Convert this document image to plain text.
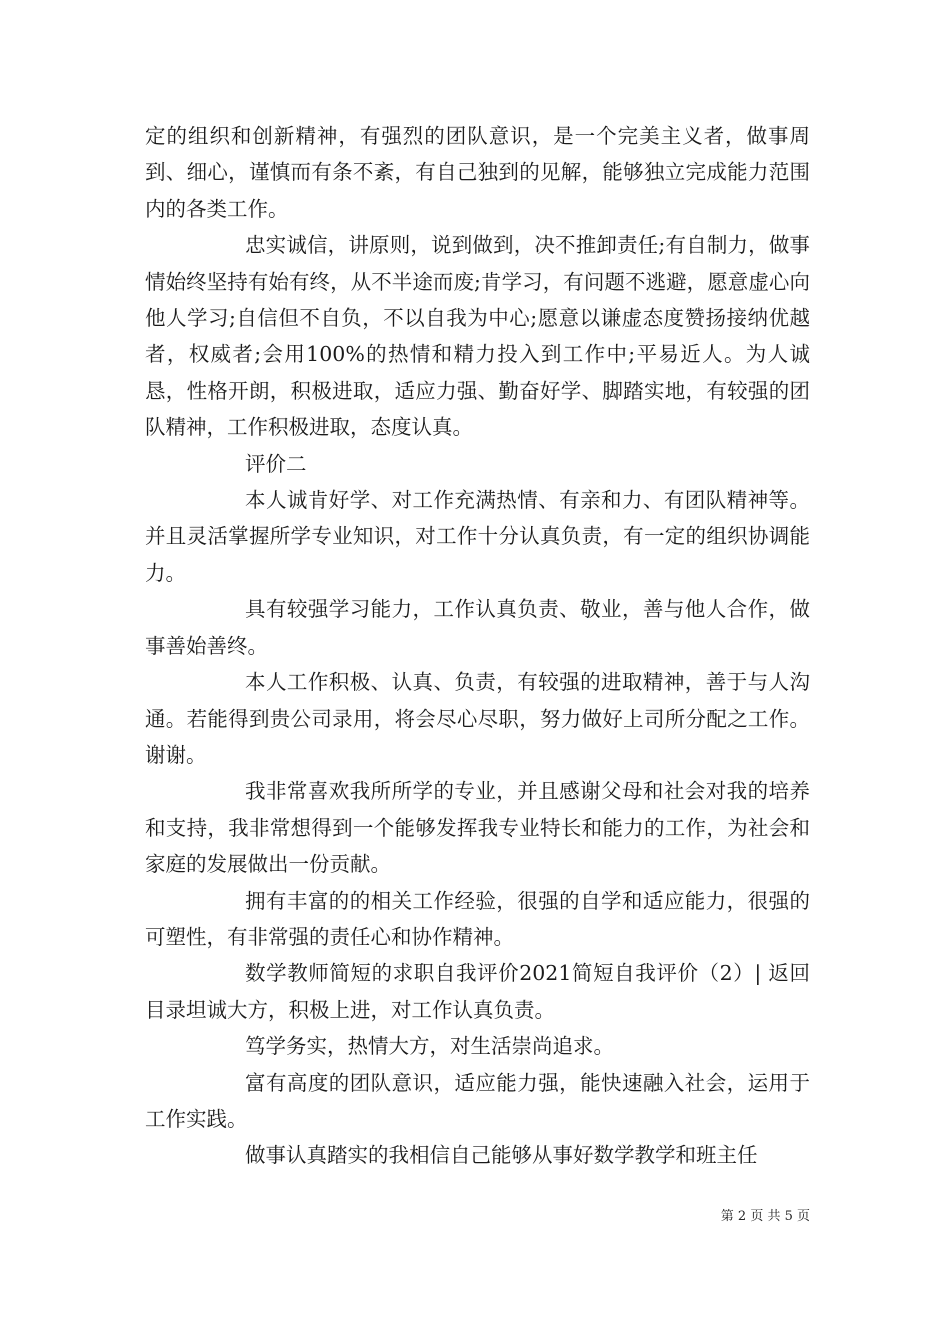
定的组织和创新精神，有强烈的团队意识，是一个完美主义者，做事周到、细心，谨慎而有条不紊，有自己独到的见解，能够独立完成能力范围内的各类工作。

忠实诚信，讲原则，说到做到，决不推卸责任;有自制力，做事情始终坚持有始有终，从不半途而废;肯学习，有问题不逃避，愿意虚心向他人学习;自信但不自负，不以自我为中心;愿意以谦虚态度赞扬接纳优越者，权威者;会用100%的热情和精力投入到工作中;平易近人。为人诚恳，性格开朗，积极进取，适应力强、勤奋好学、脚踏实地，有较强的团队精神，工作积极进取，态度认真。

评价二

本人诚肯好学、对工作充满热情、有亲和力、有团队精神等。并且灵活掌握所学专业知识，对工作十分认真负责，有一定的组织协调能力。

具有较强学习能力，工作认真负责、敬业，善与他人合作，做事善始善终。

本人工作积极、认真、负责，有较强的进取精神，善于与人沟通。若能得到贵公司录用，将会尽心尽职，努力做好上司所分配之工作。谢谢。

我非常喜欢我所所学的专业，并且感谢父母和社会对我的培养和支持，我非常想得到一个能够发挥我专业特长和能力的工作，为社会和家庭的发展做出一份贡献。

拥有丰富的的相关工作经验，很强的自学和适应能力，很强的可塑性，有非常强的责任心和协作精神。

数学教师简短的求职自我评价2021简短自我评价（2）| 返回目录坦诚大方，积极上进，对工作认真负责。

笃学务实，热情大方，对生活崇尚追求。

富有高度的团队意识，适应能力强，能快速融入社会，运用于工作实践。

做事认真踏实的我相信自己能够从事好数学教学和班主任

第 2 页 共 5 页
